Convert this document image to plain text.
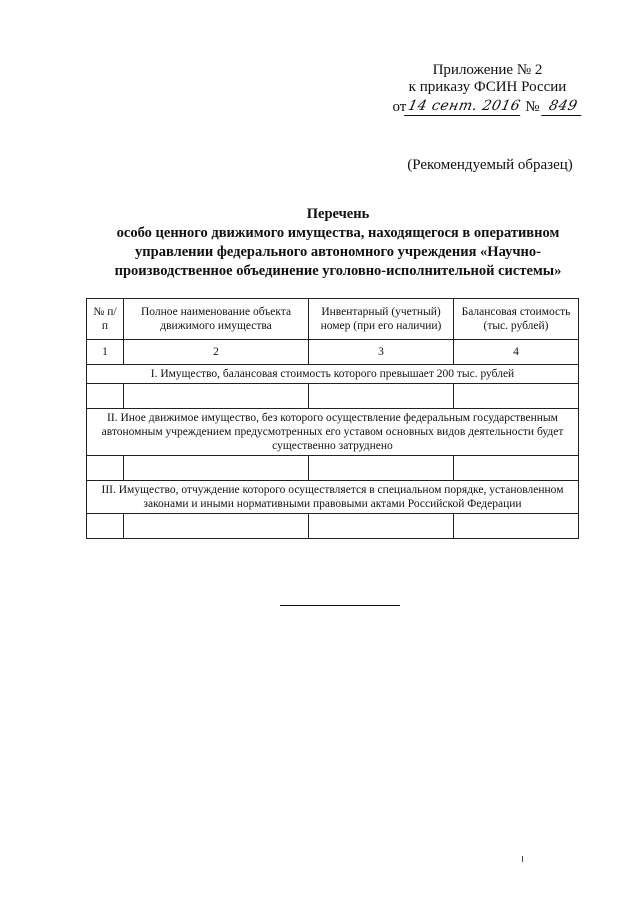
Приложение № 2
к приказу ФСИН России
от 14 сент. 2016 № 849
(Рекомендуемый образец)
Перечень
особо ценного движимого имущества, находящегося в оперативном
управлении федерального автономного учреждения «Научно-
производственное объединение уголовно-исполнительной системы»
№ п/п	Полное наименование объекта движимого имущества	Инвентарный (учетный) номер (при его наличии)	Балансовая стоимость (тыс. рублей)
1	2	3	4
I. Имущество, балансовая стоимость которого превышает 200 тыс. рублей			

II. Иное движимое имущество, без которого осуществление федеральным государственным автономным учреждением предусмотренных его уставом основных видов деятельности будет существенно затруднено			

III. Имущество, отчуждение которого осуществляется в специальном порядке, установленном законами и иными нормативными правовыми актами Российской Федерации			
